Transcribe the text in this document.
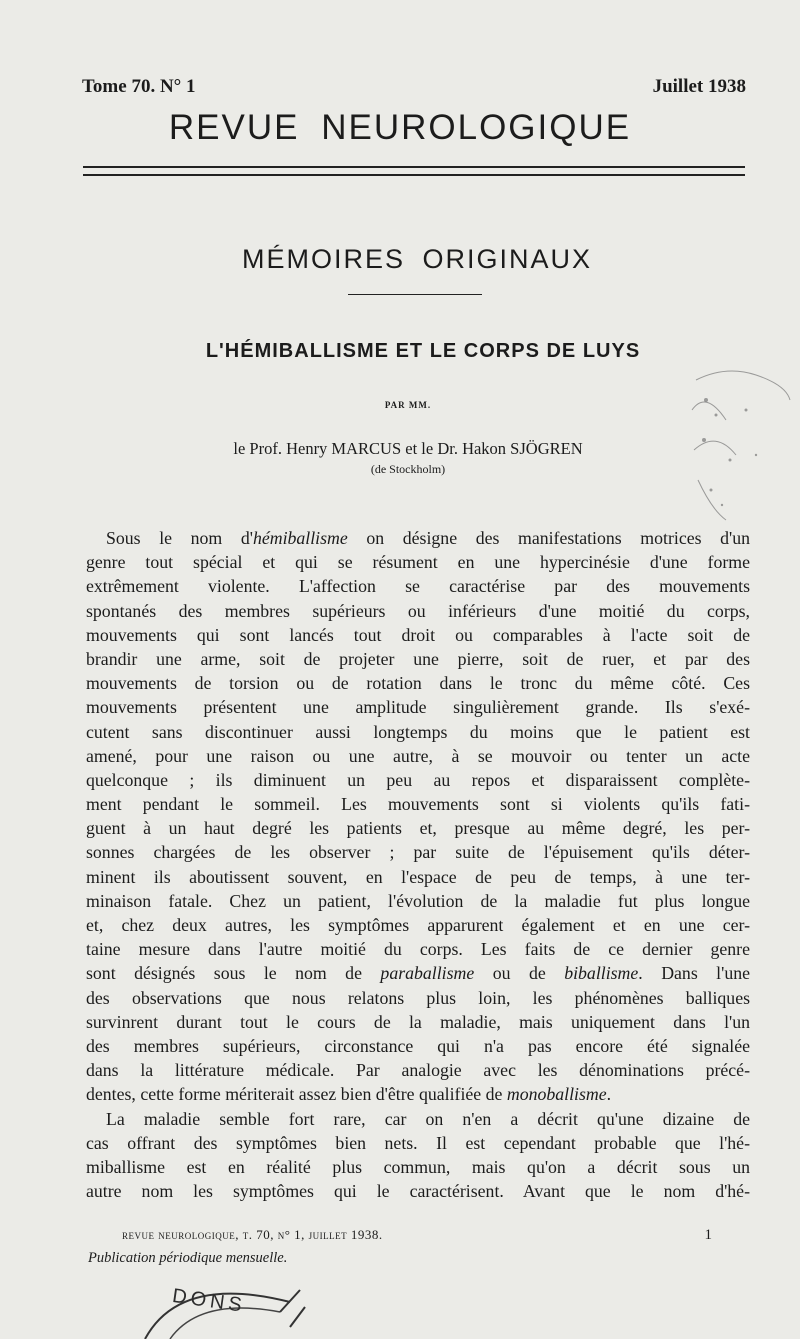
Tome 70. N° 1	Juillet 1938
REVUE NEUROLOGIQUE
MÉMOIRES ORIGINAUX
L'HÉMIBALLISME ET LE CORPS DE LUYS
PAR MM.
le Prof. Henry MARCUS et le Dr. Hakon SJÖGREN
(de Stockholm)
Sous le nom d'hémiballisme on désigne des manifestations motrices d'un
genre tout spécial et qui se résument en une hypercinésie d'une forme
extrêmement violente. L'affection se caractérise par des mouvements
spontanés des membres supérieurs ou inférieurs d'une moitié du corps,
mouvements qui sont lancés tout droit ou comparables à l'acte soit de
brandir une arme, soit de projeter une pierre, soit de ruer, et par des
mouvements de torsion ou de rotation dans le tronc du même côté. Ces
mouvements présentent une amplitude singulièrement grande. Ils s'exé-
cutent sans discontinuer aussi longtemps du moins que le patient est
amené, pour une raison ou une autre, à se mouvoir ou tenter un acte
quelconque ; ils diminuent un peu au repos et disparaissent complète-
ment pendant le sommeil. Les mouvements sont si violents qu'ils fati-
guent à un haut degré les patients et, presque au même degré, les per-
sonnes chargées de les observer ; par suite de l'épuisement qu'ils déter-
minent ils aboutissent souvent, en l'espace de peu de temps, à une ter-
minaison fatale. Chez un patient, l'évolution de la maladie fut plus longue
et, chez deux autres, les symptômes apparurent également et en une cer-
taine mesure dans l'autre moitié du corps. Les faits de ce dernier genre
sont désignés sous le nom de paraballisme ou de biballisme. Dans l'une
des observations que nous relatons plus loin, les phénomènes balliques
survinrent durant tout le cours de la maladie, mais uniquement dans l'un
des membres supérieurs, circonstance qui n'a pas encore été signalée
dans la littérature médicale. Par analogie avec les dénominations précé-
dentes, cette forme mériterait assez bien d'être qualifiée de monoballisme.
La maladie semble fort rare, car on n'en a décrit qu'une dizaine de
cas offrant des symptômes bien nets. Il est cependant probable que l'hé-
miballisme est en réalité plus commun, mais qu'on a décrit sous un
autre nom les symptômes qui le caractérisent. Avant que le nom d'hé-
revue neurologique, t. 70, n° 1, juillet 1938.	1
Publication périodique mensuelle.
DONS
